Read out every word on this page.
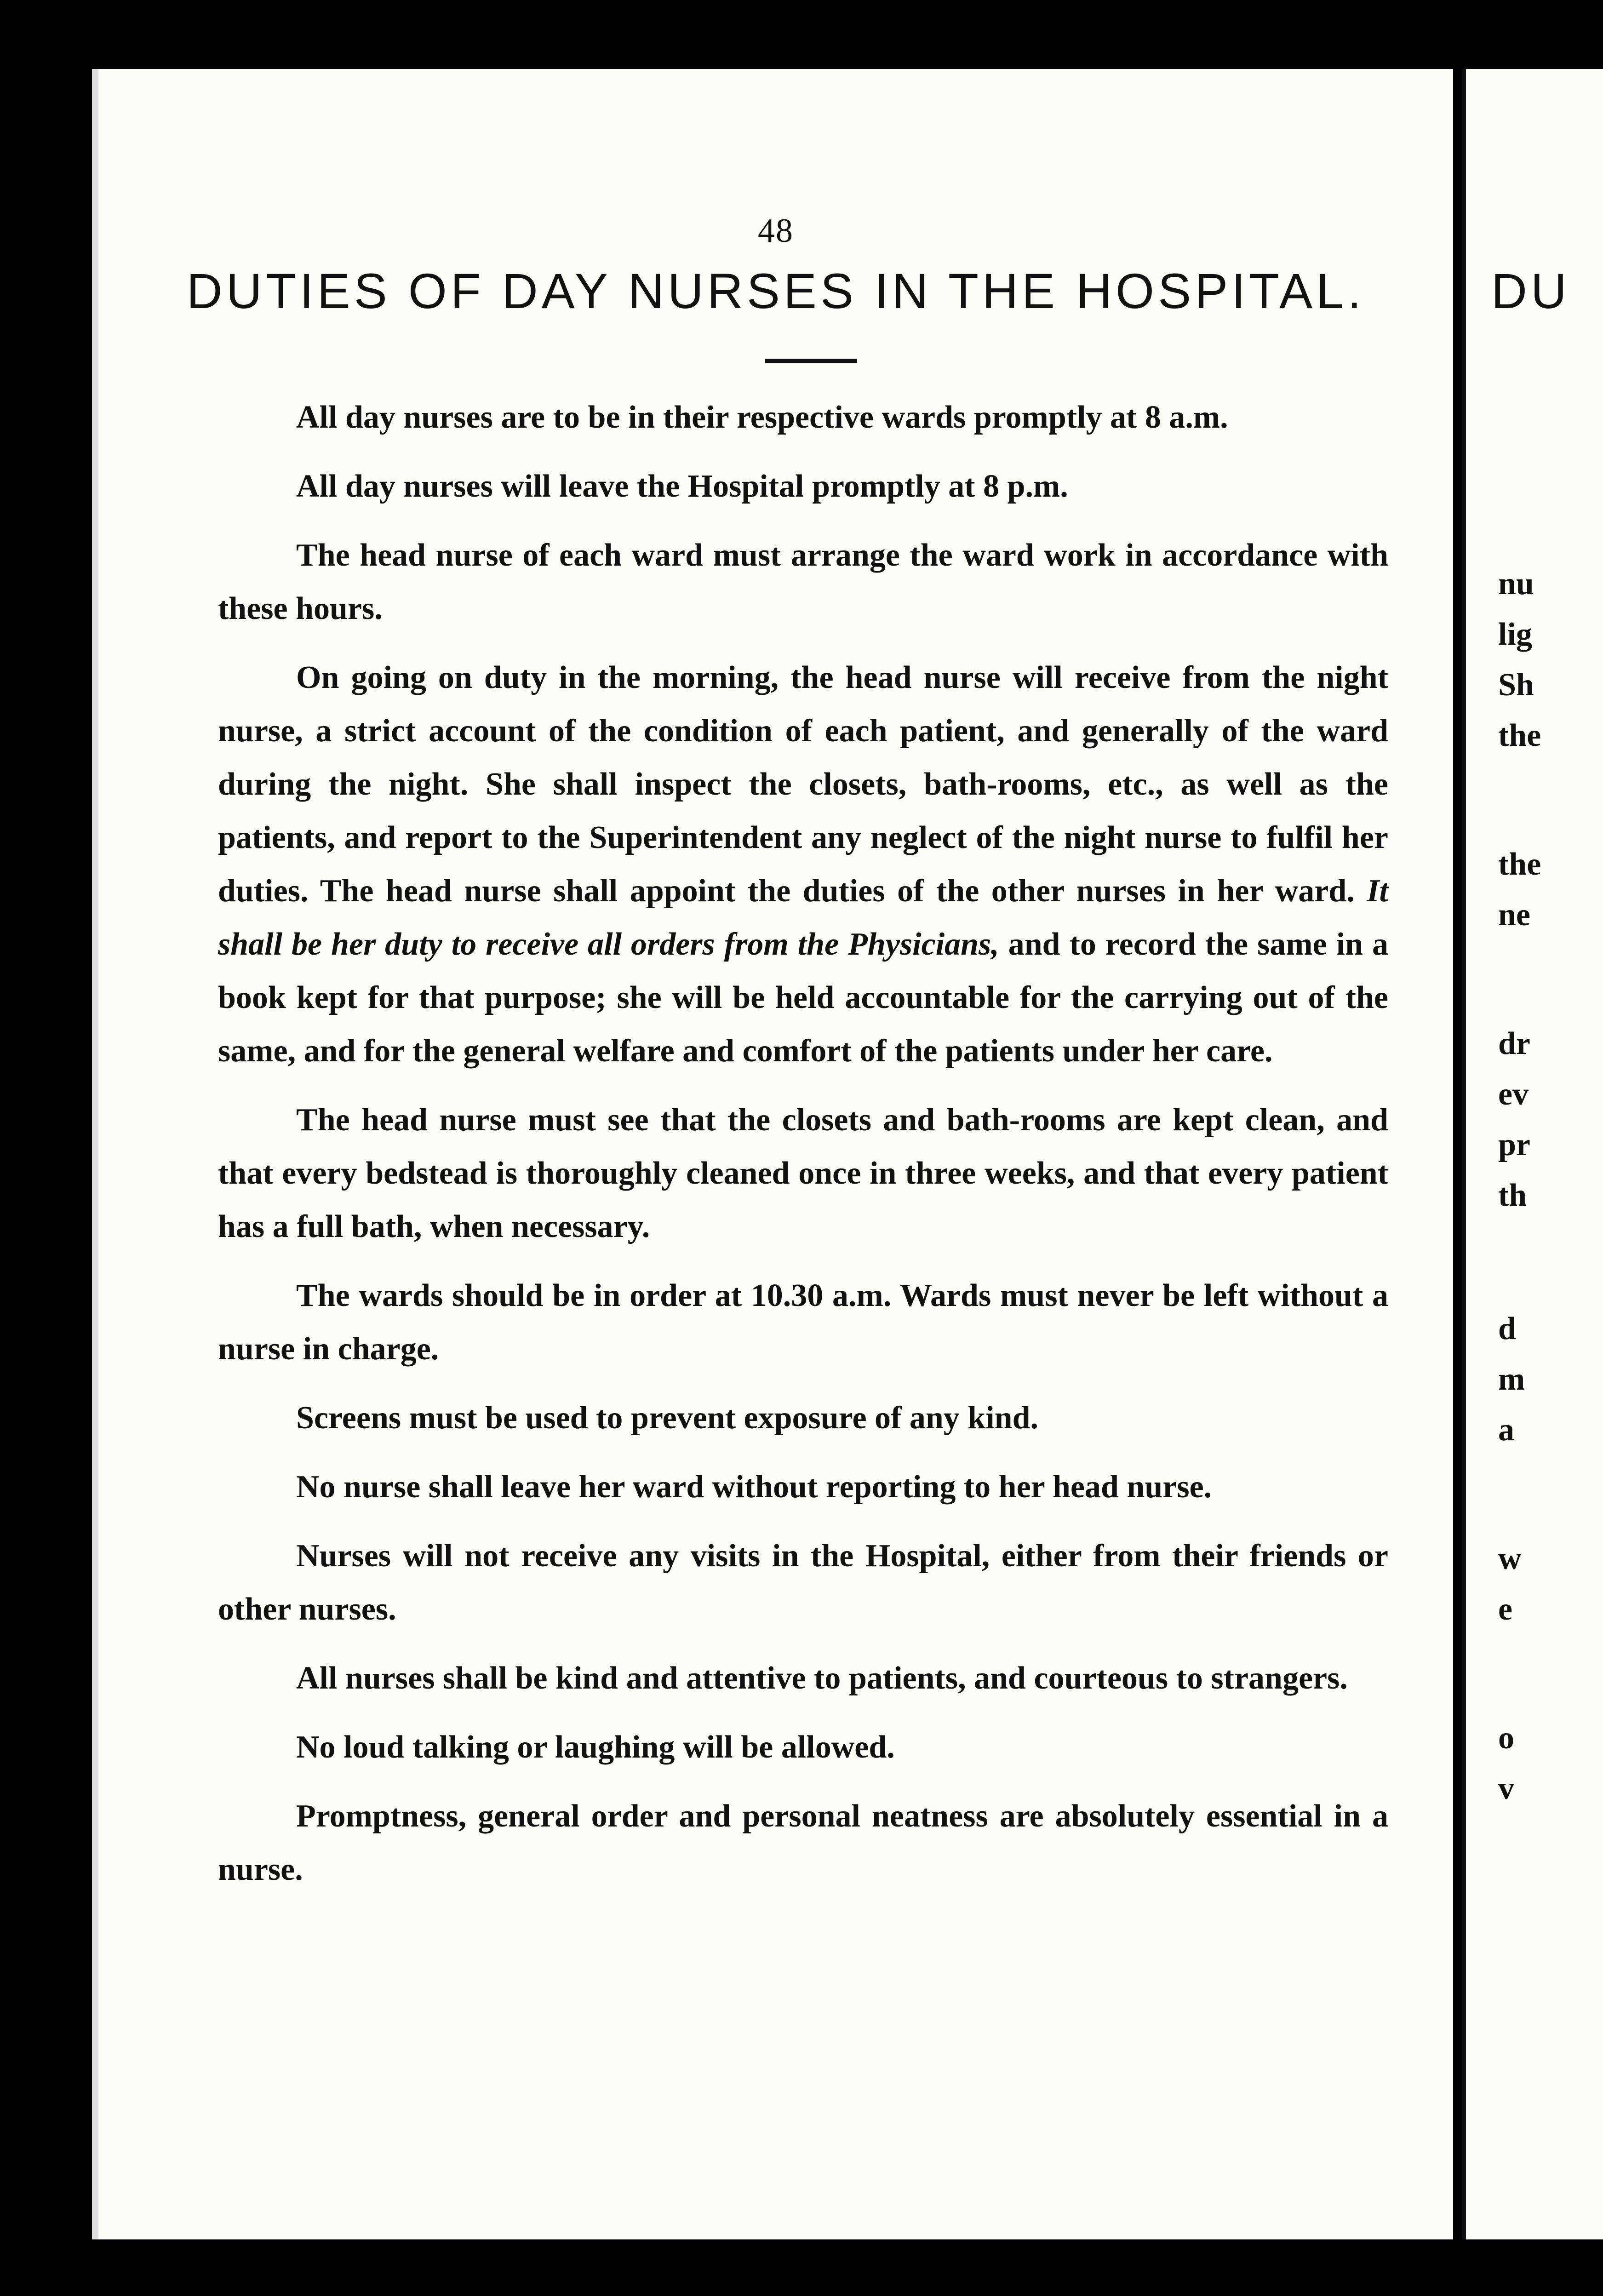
48
DUTIES OF DAY NURSES IN THE HOSPITAL.

All day nurses are to be in their respective wards promptly at 8 a.m.

All day nurses will leave the Hospital promptly at 8 p.m.

The head nurse of each ward must arrange the ward work in accordance with these hours.

On going on duty in the morning, the head nurse will receive from the night nurse, a strict account of the condition of each patient, and generally of the ward during the night. She shall inspect the closets, bath-rooms, etc., as well as the patients, and report to the Superintendent any neglect of the night nurse to fulfil her duties. The head nurse shall appoint the duties of the other nurses in her ward. It shall be her duty to receive all orders from the Physicians, and to record the same in a book kept for that purpose; she will be held accountable for the carrying out of the same, and for the general welfare and comfort of the patients under her care.

The head nurse must see that the closets and bath-rooms are kept clean, and that every bedstead is thoroughly cleaned once in three weeks, and that every patient has a full bath, when necessary.

The wards should be in order at 10.30 a.m. Wards must never be left without a nurse in charge.

Screens must be used to prevent exposure of any kind.

No nurse shall leave her ward without reporting to her head nurse.

Nurses will not receive any visits in the Hospital, either from their friends or other nurses.

All nurses shall be kind and attentive to patients, and courteous to strangers.

No loud talking or laughing will be allowed.

Promptness, general order and personal neatness are absolutely essential in a nurse.

DU
nu
lig
Sh
the
the
ne
dr
ev
pr
th
d
m
a
w
e
o
v
